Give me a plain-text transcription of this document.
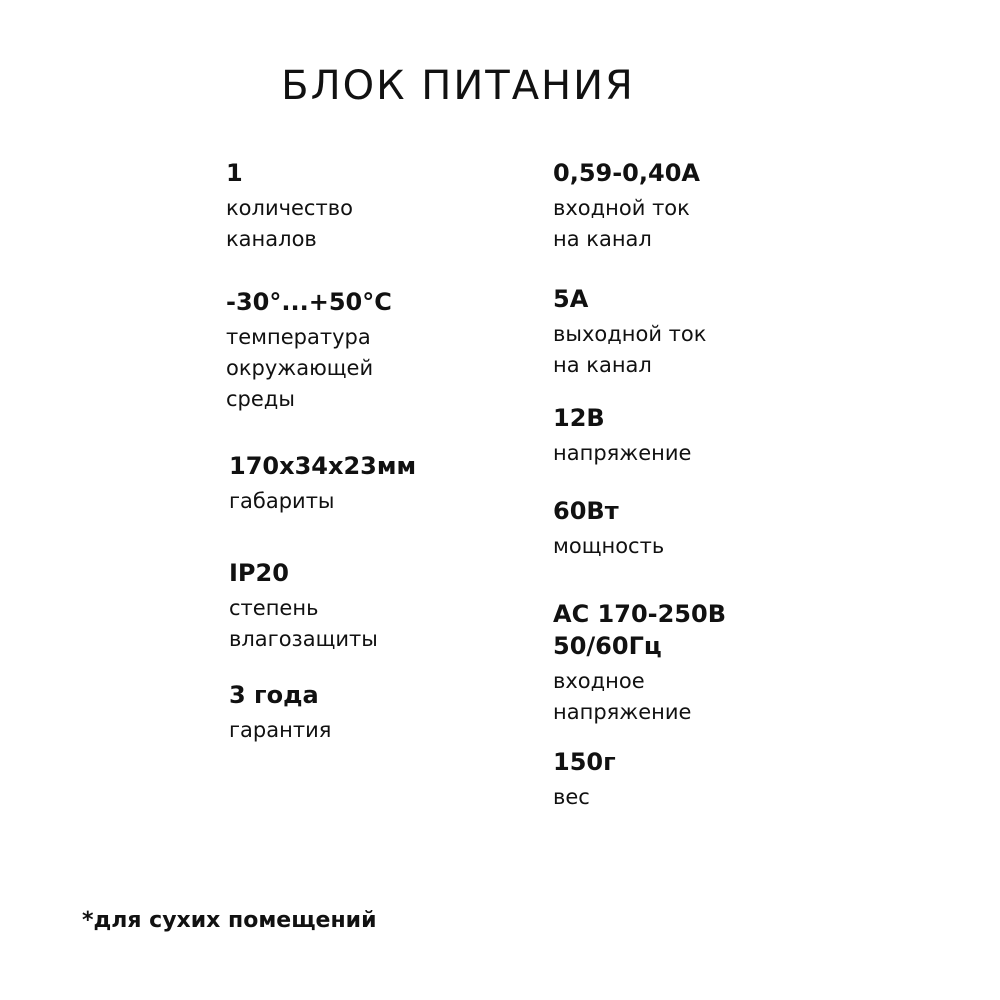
БЛОК ПИТАНИЯ
1
количество
каналов
-30°...+50°C
температура
окружающей
среды
170x34x23мм
габариты
IP20
степень
влагозащиты
3 года
гарантия
0,59-0,40A
входной ток
на канал
5A
выходной ток
на канал
12В
напряжение
60Вт
мощность
AC 170-250В
50/60Гц
входное
напряжение
150г
вес
*для сухих помещений
